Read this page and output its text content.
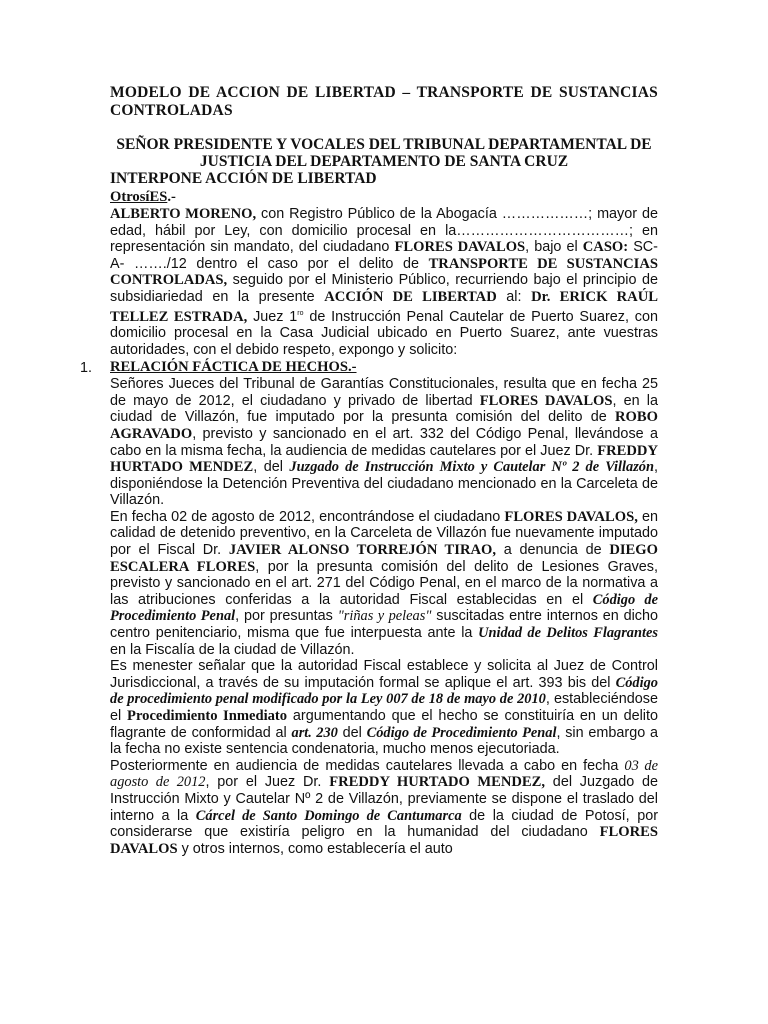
MODELO DE ACCION DE LIBERTAD – TRANSPORTE DE SUSTANCIAS CONTROLADAS
SEÑOR PRESIDENTE Y VOCALES DEL TRIBUNAL DEPARTAMENTAL DE
JUSTICIA DEL DEPARTAMENTO DE SANTA CRUZ
INTERPONE ACCIÓN DE LIBERTAD
OtrosíES.-
ALBERTO MORENO, con Registro Público de la Abogacía ………………; mayor de edad, hábil por Ley, con domicilio procesal en la………………………………; en representación sin mandato, del ciudadano FLORES DAVALOS, bajo el CASO: SC-A- ……./12 dentro el caso por el delito de TRANSPORTE DE SUSTANCIAS CONTROLADAS, seguido por el Ministerio Público, recurriendo bajo el principio de subsidiariedad en la presente ACCIÓN DE LIBERTAD al: Dr. ERICK RAÚL TELLEZ ESTRADA, Juez $1^{ro}$ de Instrucción Penal Cautelar de Puerto Suarez, con domicilio procesal en la Casa Judicial ubicado en Puerto Suarez, ante vuestras autoridades, con el debido respeto, expongo y solicito:
1. RELACIÓN FÁCTICA DE HECHOS.-
Señores Jueces del Tribunal de Garantías Constitucionales, resulta que en fecha 25 de mayo de 2012, el ciudadano y privado de libertad FLORES DAVALOS, en la ciudad de Villazón, fue imputado por la presunta comisión del delito de ROBO AGRAVADO, previsto y sancionado en el art. 332 del Código Penal, llevándose a cabo en la misma fecha, la audiencia de medidas cautelares por el Juez Dr. FREDDY HURTADO MENDEZ, del Juzgado de Instrucción Mixto y Cautelar Nº 2 de Villazón, disponiéndose la Detención Preventiva del ciudadano mencionado en la Carceleta de Villazón.
En fecha 02 de agosto de 2012, encontrándose el ciudadano FLORES DAVALOS, en calidad de detenido preventivo, en la Carceleta de Villazón fue nuevamente imputado por el Fiscal Dr. JAVIER ALONSO TORREJÓN TIRAO, a denuncia de DIEGO ESCALERA FLORES, por la presunta comisión del delito de Lesiones Graves, previsto y sancionado en el art. 271 del Código Penal, en el marco de la normativa a las atribuciones conferidas a la autoridad Fiscal establecidas en el Código de Procedimiento Penal, por presuntas "riñas y peleas" suscitadas entre internos en dicho centro penitenciario, misma que fue interpuesta ante la Unidad de Delitos Flagrantes en la Fiscalía de la ciudad de Villazón.
Es menester señalar que la autoridad Fiscal establece y solicita al Juez de Control Jurisdiccional, a través de su imputación formal se aplique el art. 393 bis del Código de procedimiento penal modificado por la Ley 007 de 18 de mayo de 2010, estableciéndose el Procedimiento Inmediato argumentando que el hecho se constituiría en un delito flagrante de conformidad al art. 230 del Código de Procedimiento Penal, sin embargo a la fecha no existe sentencia condenatoria, mucho menos ejecutoriada.
Posteriormente en audiencia de medidas cautelares llevada a cabo en fecha 03 de agosto de 2012, por el Juez Dr. FREDDY HURTADO MENDEZ, del Juzgado de Instrucción Mixto y Cautelar Nº 2 de Villazón, previamente se dispone el traslado del interno a la Cárcel de Santo Domingo de Cantumarca de la ciudad de Potosí, por considerarse que existiría peligro en la humanidad del ciudadano FLORES DAVALOS y otros internos, como establecería el auto
